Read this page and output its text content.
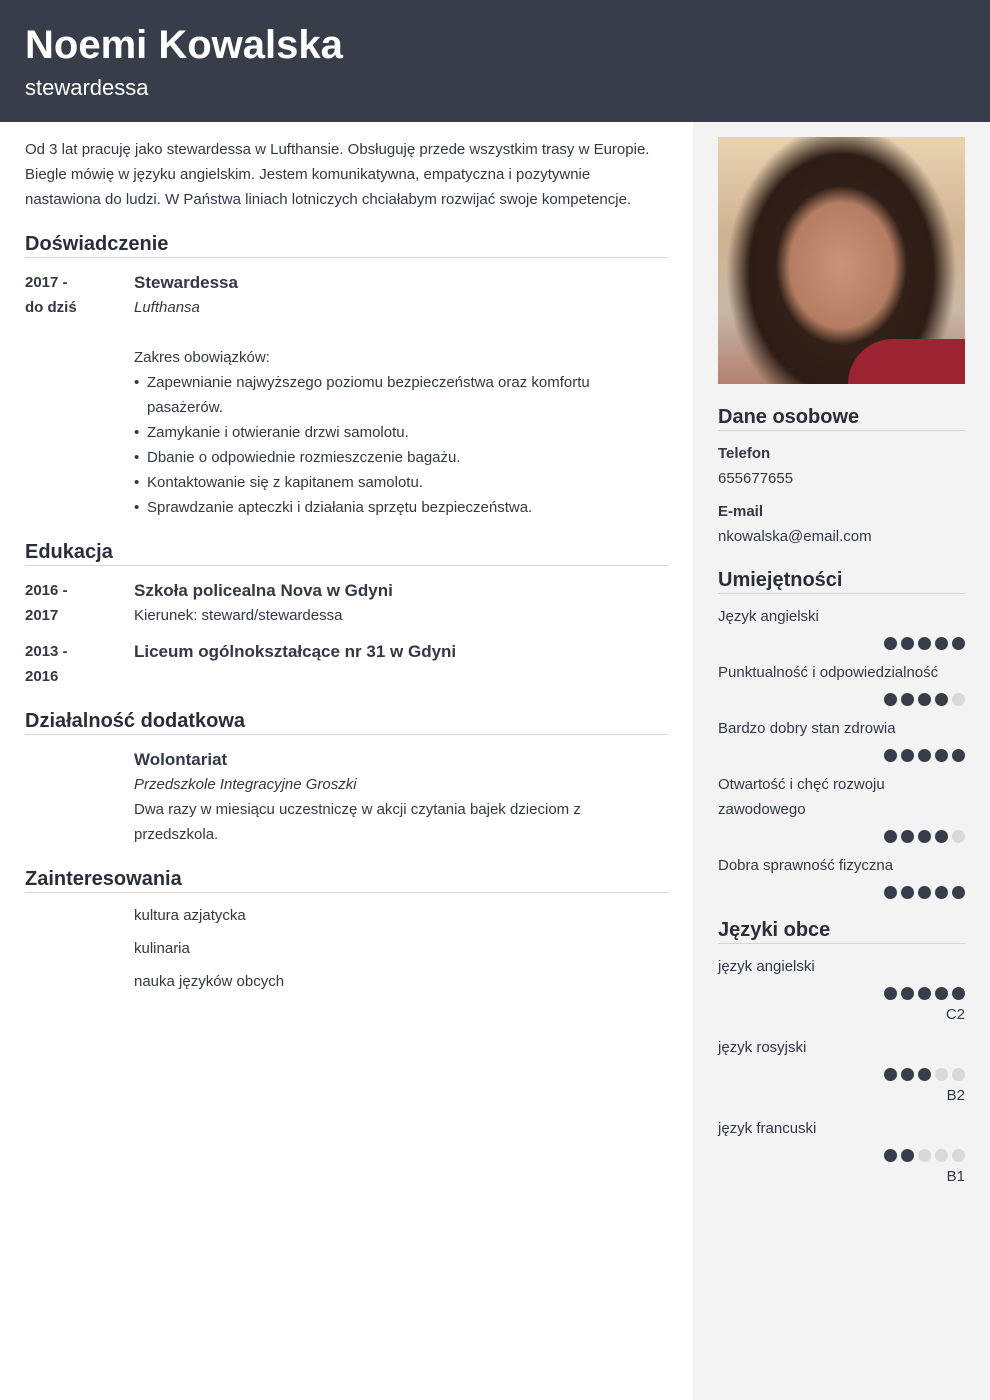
Noemi Kowalska
stewardessa

Od 3 lat pracuję jako stewardessa w Lufthansie. Obsługuję przede wszystkim trasy w Europie. Biegle mówię w języku angielskim. Jestem komunikatywna, empatyczna i pozytywnie nastawiona do ludzi. W Państwa liniach lotniczych chciałabym rozwijać swoje kompetencje.

Doświadczenie
2017 -
do dziś
Stewardessa
Lufthansa
Zakres obowiązków:
• Zapewnianie najwyższego poziomu bezpieczeństwa oraz komfortu pasażerów.
• Zamykanie i otwieranie drzwi samolotu.
• Dbanie o odpowiednie rozmieszczenie bagażu.
• Kontaktowanie się z kapitanem samolotu.
• Sprawdzanie apteczki i działania sprzętu bezpieczeństwa.
Edukacja
2016 -
2017
Szkoła policealna Nova w Gdyni
Kierunek: steward/stewardessa
2013 -
2016
Liceum ogólnokształcące nr 31 w Gdyni
Działalność dodatkowa
Wolontariat
Przedszkole Integracyjne Groszki
Dwa razy w miesiącu uczestniczę w akcji czytania bajek dzieciom z przedszkola.
Zainteresowania
kultura azjatycka
kulinaria
nauka języków obcych
Dane osobowe
Telefon
655677655
E-mail
nkowalska@email.com
Umiejętności
Język angielski
Punktualność i odpowiedzialność
Bardzo dobry stan zdrowia
Otwartość i chęć rozwoju zawodowego
Dobra sprawność fizyczna
Języki obce
język angielski
C2
język rosyjski
B2
język francuski
B1
